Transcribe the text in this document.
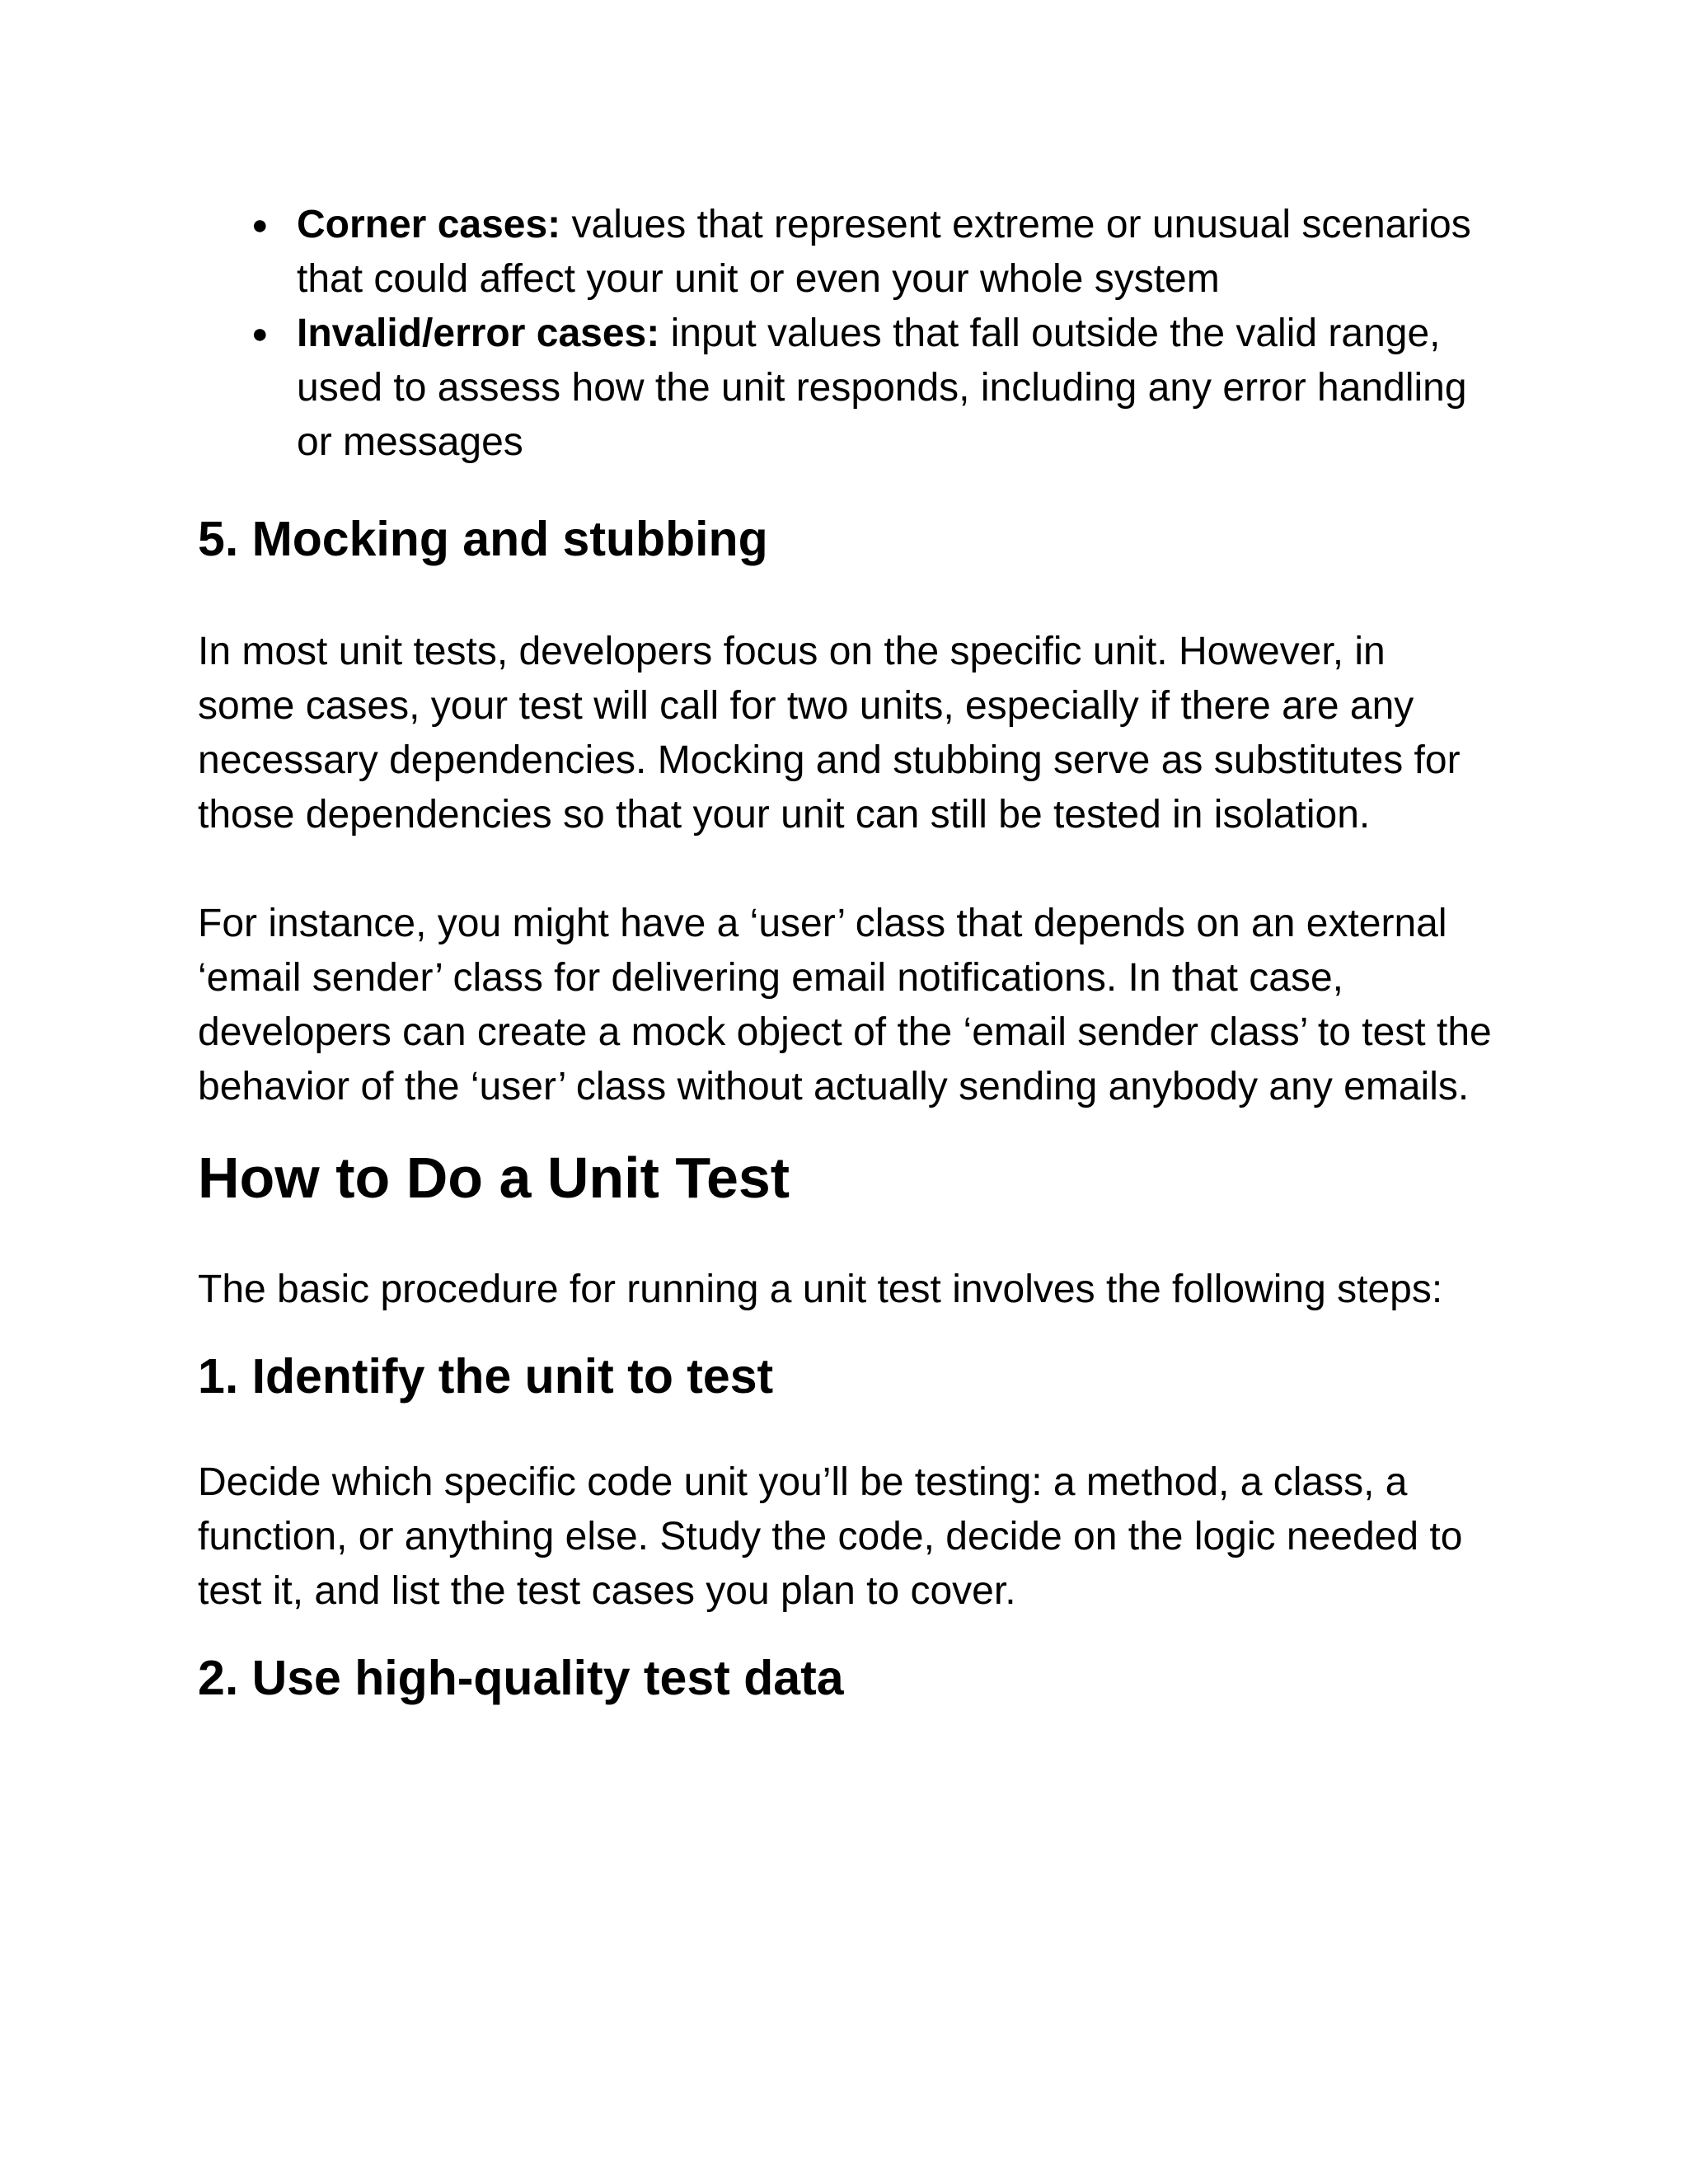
● Corner cases: values that represent extreme or unusual scenarios that could affect your unit or even your whole system
● Invalid/error cases: input values that fall outside the valid range, used to assess how the unit responds, including any error handling or messages
5. Mocking and stubbing

In most unit tests, developers focus on the specific unit. However, in some cases, your test will call for two units, especially if there are any necessary dependencies. Mocking and stubbing serve as substitutes for those dependencies so that your unit can still be tested in isolation.

For instance, you might have a ‘user’ class that depends on an external ‘email sender’ class for delivering email notifications. In that case, developers can create a mock object of the ‘email sender class’ to test the behavior of the ‘user’ class without actually sending anybody any emails.

How to Do a Unit Test

The basic procedure for running a unit test involves the following steps:

1. Identify the unit to test

Decide which specific code unit you’ll be testing: a method, a class, a function, or anything else. Study the code, decide on the logic needed to test it, and list the test cases you plan to cover.

2. Use high-quality test data
